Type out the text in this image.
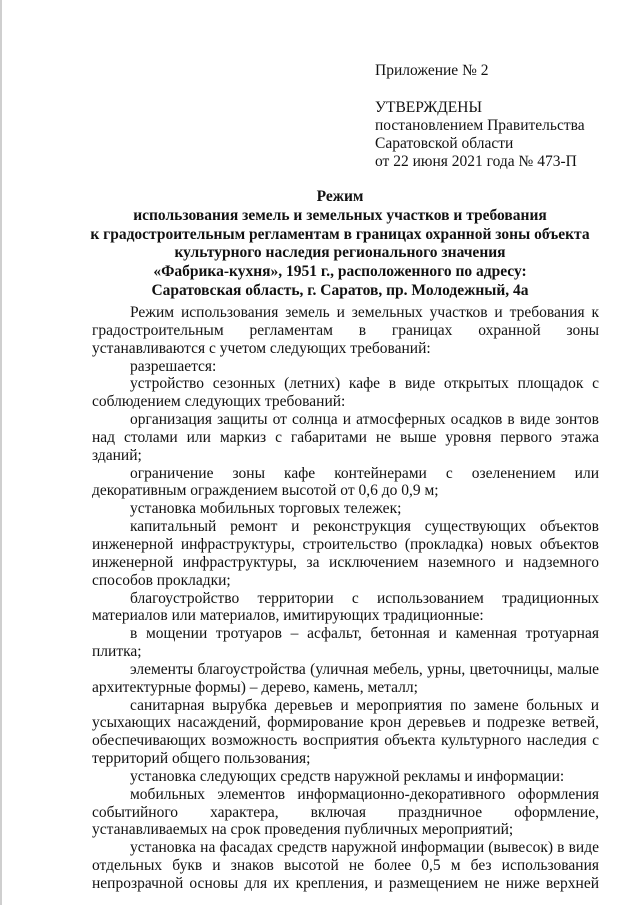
Приложение № 2
УТВЕРЖДЕНЫ
постановлением Правительства
Саратовской области
от 22 июня 2021 года № 473-П
Режим
использования земель и земельных участков и требования
к градостроительным регламентам в границах охранной зоны объекта
культурного наследия регионального значения
«Фабрика-кухня», 1951 г., расположенного по адресу:
Саратовская область, г. Саратов, пр. Молодежный, 4а

Режим использования земель и земельных участков и требования к градостроительным регламентам в границах охранной зоны устанавливаются с учетом следующих требований:

разрешается:

устройство сезонных (летних) кафе в виде открытых площадок с соблюдением следующих требований:

организация защиты от солнца и атмосферных осадков в виде зонтов над столами или маркиз с габаритами не выше уровня первого этажа зданий;

ограничение зоны кафе контейнерами с озеленением или декоративным ограждением высотой от 0,6 до 0,9 м;

установка мобильных торговых тележек;

капитальный ремонт и реконструкция существующих объектов инженерной инфраструктуры, строительство (прокладка) новых объектов инженерной инфраструктуры, за исключением наземного и надземного способов прокладки;

благоустройство территории с использованием традиционных материалов или материалов, имитирующих традиционные:

в мощении тротуаров – асфальт, бетонная и каменная тротуарная плитка;

элементы благоустройства (уличная мебель, урны, цветочницы, малые архитектурные формы) – дерево, камень, металл;

санитарная вырубка деревьев и мероприятия по замене больных и усыхающих насаждений, формирование крон деревьев и подрезке ветвей, обеспечивающих возможность восприятия объекта культурного наследия с территорий общего пользования;

установка следующих средств наружной рекламы и информации:

мобильных элементов информационно-декоративного оформления событийного характера, включая праздничное оформление, устанавливаемых на срок проведения публичных мероприятий;

установка на фасадах средств наружной информации (вывесок) в виде отдельных букв и знаков высотой не более 0,5 м без использования непрозрачной основы для их крепления, и размещением не ниже верхней
